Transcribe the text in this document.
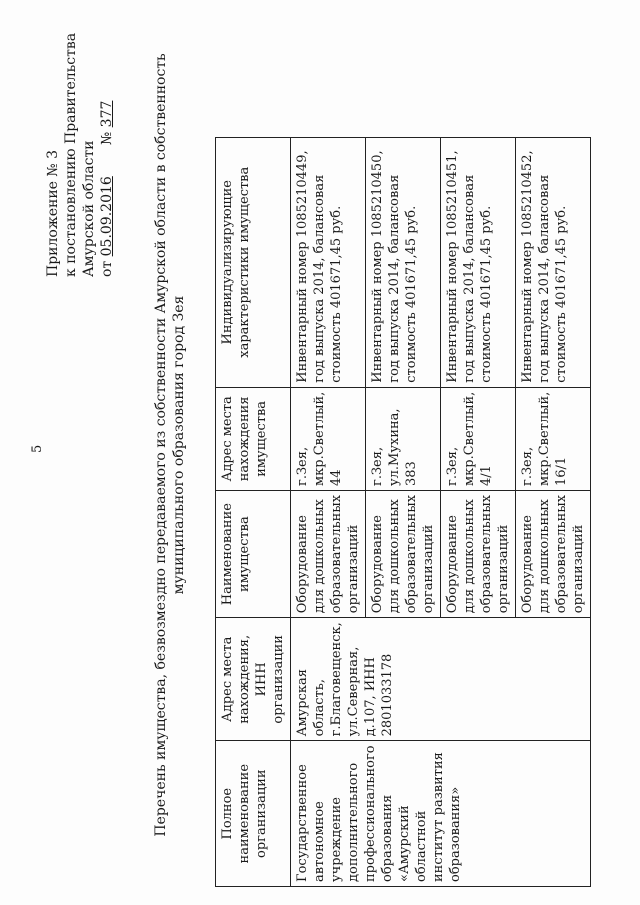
5
Приложение № 3 к постановлению Правительства Амурской области от 05.09.2016       № 377	Перечень имущества, безвозмездно передаваемого из собственности Амурской области в собственность муниципального образования город Зея
Полное наименование организации	Адрес места нахождения, ИНН организации	Наименование имущества	Адрес места нахождения имущества	Индивидуализирующие характеристики имущества
Государственное автономное учреждение дополнительного профессионального образования «Амурский областной институт развития образования»	Амурская область, г.Благовещенск, ул.Северная, д.107, ИНН 2801033178	Оборудование для дошкольных образовательных организаций	г.Зея, мкр.Светлый, 44	Инвентарный номер 1085210449, год выпуска 2014, балансовая стоимость 401671,45 руб.
		Оборудование для дошкольных образовательных организаций	г.Зея, ул.Мухина, 383	Инвентарный номер 1085210450, год выпуска 2014, балансовая стоимость 401671,45 руб.
		Оборудование для дошкольных образовательных организаций	г.Зея, мкр.Светлый, 4/1	Инвентарный номер 1085210451, год выпуска 2014, балансовая стоимость 401671,45 руб.
		Оборудование для дошкольных образовательных организаций	г.Зея, мкр.Светлый, 16/1	Инвентарный номер 1085210452, год выпуска 2014, балансовая стоимость 401671,45 руб.
